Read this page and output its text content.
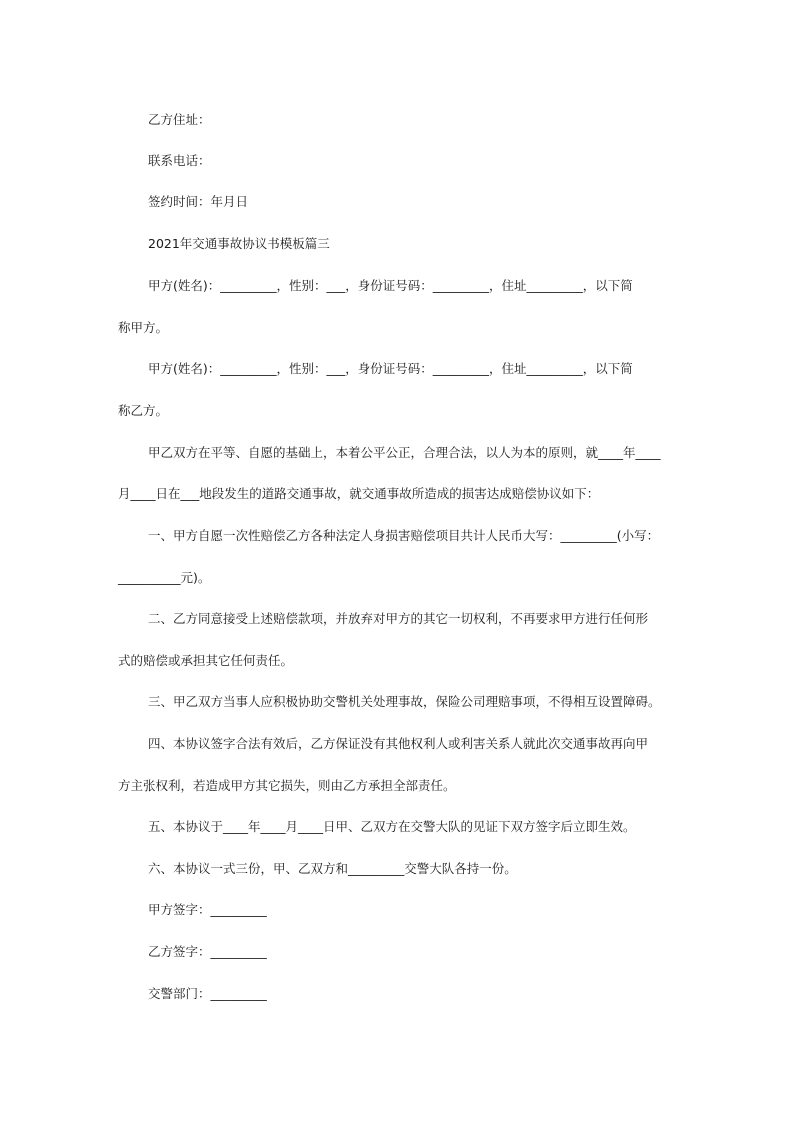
乙方住址：
联系电话：
签约时间：年月日
2021年交通事故协议书模板篇三
甲方(姓名)：_________，性别：___，身份证号码：_________，住址_________，以下简
称甲方。
甲方(姓名)：_________，性别：___，身份证号码：_________，住址_________，以下简
称乙方。
甲乙双方在平等、自愿的基础上，本着公平公正，合理合法，以人为本的原则，就____年____
月____日在___地段发生的道路交通事故，就交通事故所造成的损害达成赔偿协议如下：
一、甲方自愿一次性赔偿乙方各种法定人身损害赔偿项目共计人民币大写：_________(小写：
__________元)。
二、乙方同意接受上述赔偿款项，并放弃对甲方的其它一切权利，不再要求甲方进行任何形
式的赔偿或承担其它任何责任。
三、甲乙双方当事人应积极协助交警机关处理事故，保险公司理赔事项，不得相互设置障碍。
四、本协议签字合法有效后，乙方保证没有其他权利人或利害关系人就此次交通事故再向甲
方主张权利，若造成甲方其它损失，则由乙方承担全部责任。
五、本协议于____年____月____日甲、乙双方在交警大队的见证下双方签字后立即生效。
六、本协议一式三份，甲、乙双方和_________交警大队各持一份。
甲方签字：_________
乙方签字：_________
交警部门：_________
